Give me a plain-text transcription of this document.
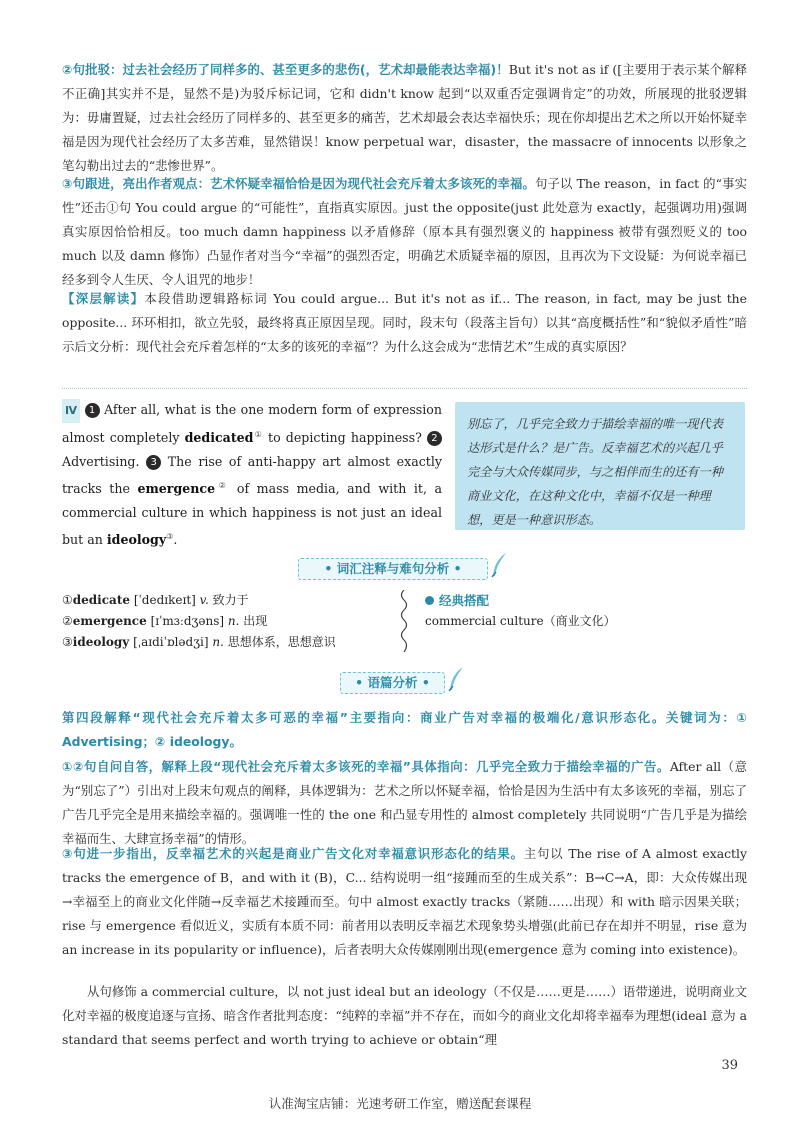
②句批驳：过去社会经历了同样多的、甚至更多的悲伤(，艺术却最能表达幸福)！But it's not as if ([主要用于表示某个解释不正确]其实并不是，显然不是)为驳斥标记词，它和 didn't know 起到“以双重否定强调肯定”的功效，所展现的批驳逻辑为：毋庸置疑，过去社会经历了同样多的、甚至更多的痛苦，艺术却最会表达幸福快乐；现在你却提出艺术之所以开始怀疑幸福是因为现代社会经历了太多苦难，显然错误！know perpetual war，disaster，the massacre of innocents 以形象之笔勾勒出过去的“悲惨世界”。
③句跟进，亮出作者观点：艺术怀疑幸福恰恰是因为现代社会充斥着太多该死的幸福。句子以 The reason，in fact 的“事实性”还击①句 You could argue 的“可能性”，直指真实原因。just the opposite(just 此处意为 exactly，起强调功用)强调真实原因恰恰相反。too much damn happiness 以矛盾修辞（原本具有强烈褒义的 happiness 被带有强烈贬义的 too much 以及 damn 修饰）凸显作者对当今“幸福”的强烈否定，明确艺术质疑幸福的原因，且再次为下文设疑：为何说幸福已经多到令人生厌、令人诅咒的地步！
【深层解读】本段借助逻辑路标词 You could argue... But it's not as if... The reason, in fact, may be just the opposite... 环环相扣，欲立先驳，最终将真正原因呈现。同时，段末句（段落主旨句）以其“高度概括性”和“貌似矛盾性”暗示后文分析：现代社会充斥着怎样的“太多的该死的幸福”？为什么这会成为“悲情艺术”生成的真实原因？
Ⅳ 1 After all, what is the one modern form of expression almost completely dedicated① to depicting happiness? 2 Advertising. 3 The rise of anti-happy art almost exactly tracks the emergence② of mass media, and with it, a commercial culture in which happiness is not just an ideal but an ideology③.
别忘了，几乎完全致力于描绘幸福的唯一现代表达形式是什么？是广告。反幸福艺术的兴起几乎完全与大众传媒同步，与之相伴而生的还有一种商业文化，在这种文化中，幸福不仅是一种理想，更是一种意识形态。
• 词汇注释与难句分析 •
①dedicate [ˈdedɪkeɪt] v. 致力于
②emergence [ɪˈmɜːdʒəns] n. 出现
③ideology [ˌaɪdiˈɒlədʒi] n. 思想体系，思想意识
经典搭配
commercial culture（商业文化）
• 语篇分析 •
第四段解释“现代社会充斥着太多可恶的幸福”主要指向：商业广告对幸福的极端化/意识形态化。关键词为：① Advertising；② ideology。
①②句自问自答，解释上段“现代社会充斥着太多该死的幸福”具体指向：几乎完全致力于描绘幸福的广告。After all（意为“别忘了”）引出对上段末句观点的阐释，具体逻辑为：艺术之所以怀疑幸福，恰恰是因为生活中有太多该死的幸福，别忘了广告几乎完全是用来描绘幸福的。强调唯一性的 the one 和凸显专用性的 almost completely 共同说明“广告几乎是为描绘幸福而生、大肆宣扬幸福”的情形。
③句进一步指出，反幸福艺术的兴起是商业广告文化对幸福意识形态化的结果。主句以 The rise of A almost exactly tracks the emergence of B，and with it (B)，C... 结构说明一组“接踵而至的生成关系”：B→C→A，即：大众传媒出现→幸福至上的商业文化伴随→反幸福艺术接踵而至。句中 almost exactly tracks（紧随……出现）和 with 暗示因果关联；rise 与 emergence 看似近义，实质有本质不同：前者用以表明反幸福艺术现象势头增强(此前已存在却并不明显，rise 意为 an increase in its popularity or influence)，后者表明大众传媒刚刚出现(emergence 意为 coming into existence)。
从句修饰 a commercial culture，以 not just ideal but an ideology（不仅是……更是……）语带递进，说明商业文化对幸福的极度追逐与宣扬、暗含作者批判态度：“纯粹的幸福”并不存在，而如今的商业文化却将幸福奉为理想(ideal 意为 a standard that seems perfect and worth trying to achieve or obtain“理
39
认准淘宝店铺：光速考研工作室，赠送配套课程
